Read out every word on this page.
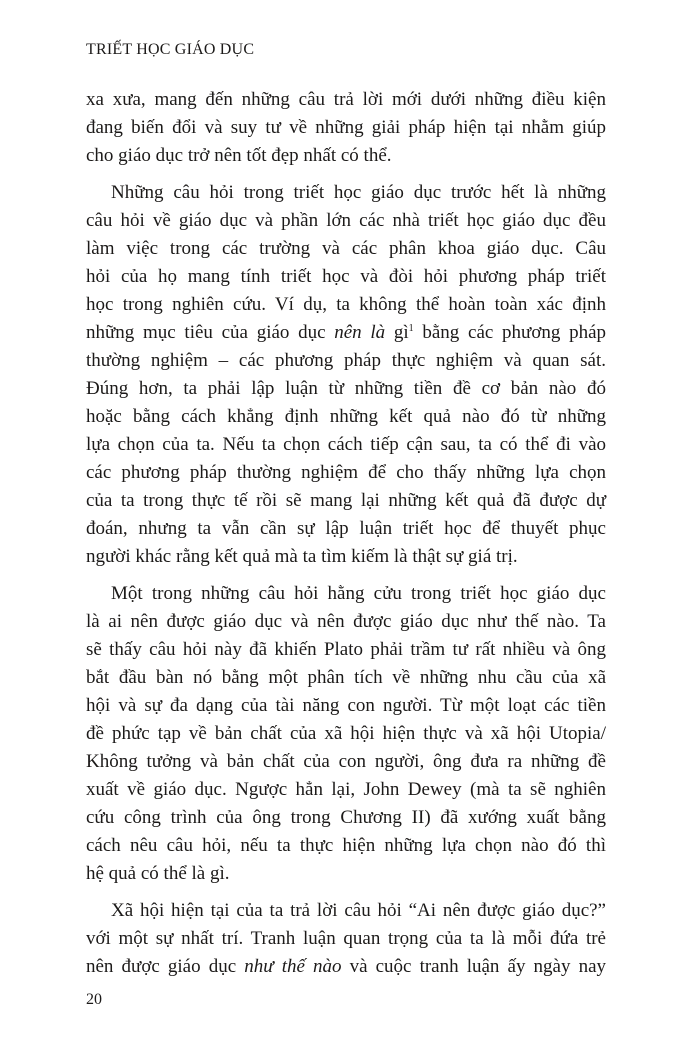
TRIẾT HỌC GIÁO DỤC
xa xưa, mang đến những câu trả lời mới dưới những điều kiện
đang biến đổi và suy tư về những giải pháp hiện tại nhằm giúp
cho giáo dục trở nên tốt đẹp nhất có thể.
Những câu hỏi trong triết học giáo dục trước hết là những
câu hỏi về giáo dục và phần lớn các nhà triết học giáo dục đều
làm việc trong các trường và các phân khoa giáo dục. Câu
hỏi của họ mang tính triết học và đòi hỏi phương pháp triết
học trong nghiên cứu. Ví dụ, ta không thể hoàn toàn xác định
những mục tiêu của giáo dục nên là $gì^1$ bằng các phương pháp
thường nghiệm – các phương pháp thực nghiệm và quan sát.
Đúng hơn, ta phải lập luận từ những tiền đề cơ bản nào đó
hoặc bằng cách khẳng định những kết quả nào đó từ những
lựa chọn của ta. Nếu ta chọn cách tiếp cận sau, ta có thể đi vào
các phương pháp thường nghiệm để cho thấy những lựa chọn
của ta trong thực tế rồi sẽ mang lại những kết quả đã được dự
đoán, nhưng ta vẫn cần sự lập luận triết học để thuyết phục
người khác rằng kết quả mà ta tìm kiếm là thật sự giá trị.
Một trong những câu hỏi hằng cửu trong triết học giáo dục
là ai nên được giáo dục và nên được giáo dục như thế nào. Ta
sẽ thấy câu hỏi này đã khiến Plato phải trầm tư rất nhiều và ông
bắt đầu bàn nó bằng một phân tích về những nhu cầu của xã
hội và sự đa dạng của tài năng con người. Từ một loạt các tiền
đề phức tạp về bản chất của xã hội hiện thực và xã hội Utopia/
Không tưởng và bản chất của con người, ông đưa ra những đề
xuất về giáo dục. Ngược hẳn lại, John Dewey (mà ta sẽ nghiên
cứu công trình của ông trong Chương II) đã xướng xuất bằng
cách nêu câu hỏi, nếu ta thực hiện những lựa chọn nào đó thì
hệ quả có thể là gì.
Xã hội hiện tại của ta trả lời câu hỏi “Ai nên được giáo dục?”
với một sự nhất trí. Tranh luận quan trọng của ta là mỗi đứa trẻ
nên được giáo dục như thế nào và cuộc tranh luận ấy ngày nay
20
